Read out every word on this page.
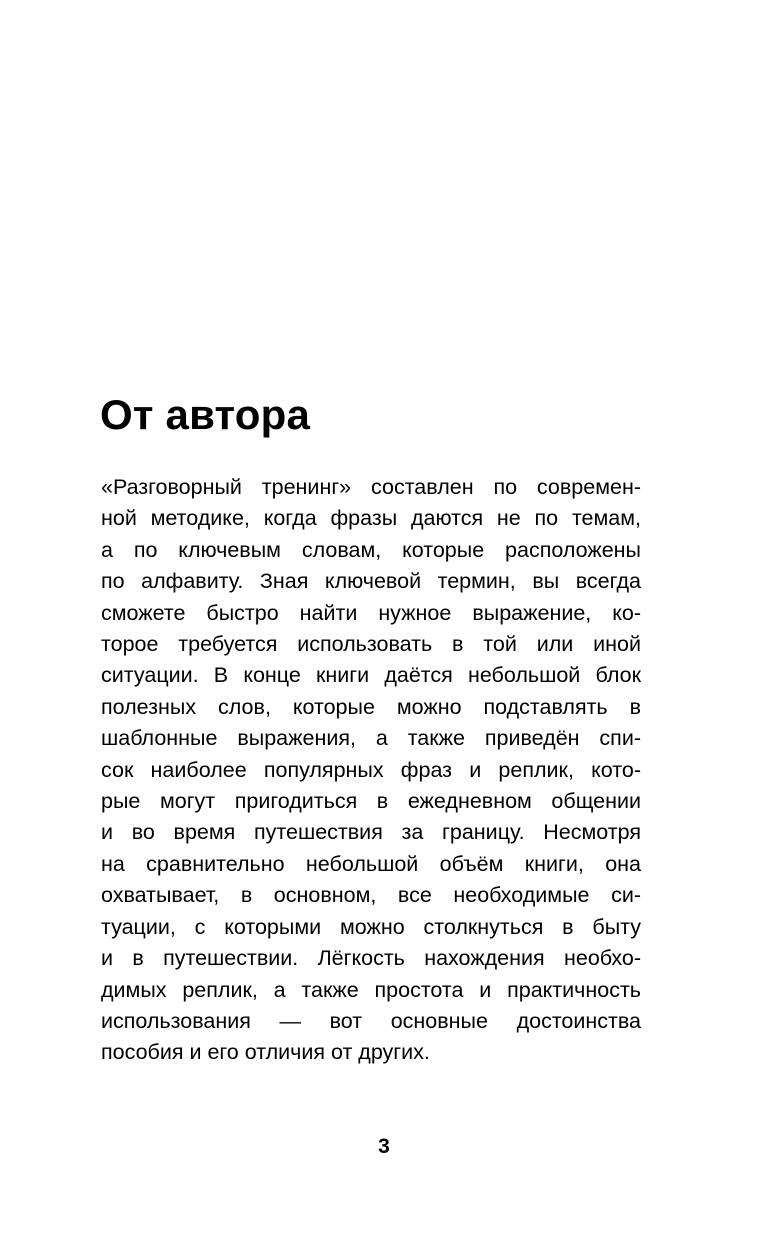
От автора
«Разговорный тренинг» составлен по современ-
ной методике, когда фразы даются не по темам,
а по ключевым словам, которые расположены
по алфавиту. Зная ключевой термин, вы всегда
сможете быстро найти нужное выражение, ко-
торое требуется использовать в той или иной
ситуации. В конце книги даётся небольшой блок
полезных слов, которые можно подставлять в
шаблонные выражения, а также приведён спи-
сок наиболее популярных фраз и реплик, кото-
рые могут пригодиться в ежедневном общении
и во время путешествия за границу. Несмотря
на сравнительно небольшой объём книги, она
охватывает, в основном, все необходимые си-
туации, с которыми можно столкнуться в быту
и в путешествии. Лёгкость нахождения необхо-
димых реплик, а также простота и практичность
использования — вот основные достоинства
пособия и его отличия от других.
3
